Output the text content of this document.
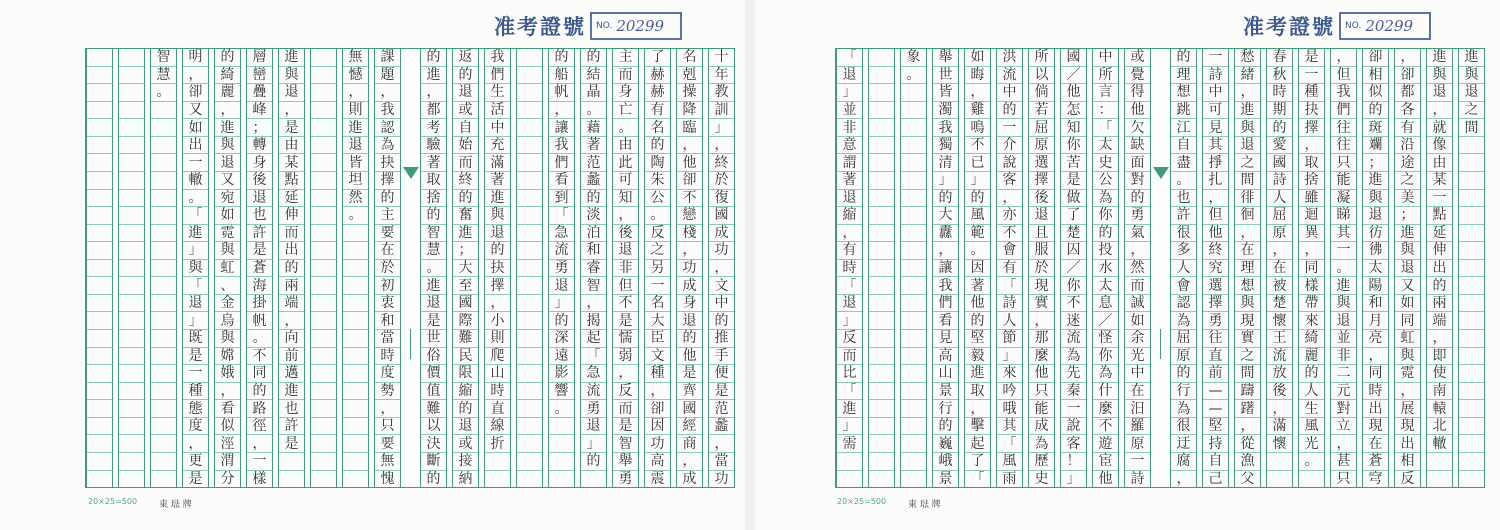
准考證號 NO. 20299
十
年
教
訓
」
，
終
於
復
國
成
功
，
文
中
的
推
手
便
是
范
蠡
，
當
功
名
剋
操
降
臨
，
他
卻
不
戀
棧
，
功
成
身
退
的
他
是
齊
國
經
商
，
成
了
赫
赫
有
名
的
陶
朱
公
。
反
之
另
一
名
大
臣
文
種
，
卻
因
功
高
震
主
而
身
亡
。
由
此
可
知
，
後
退
非
但
不
是
懦
弱
，
反
而
是
智
舉
勇
的
結
晶
。
藉
著
范
蠡
的
淡
泊
和
睿
智
，
揭
起
「
急
流
勇
退
」
的
的
船
帆
，
讓
我
們
看
到
「
急
流
勇
退
」
的
深
遠
影
響
。
我
們
生
活
中
充
滿
著
進
與
退
的
抉
擇
，
小
則
爬
山
時
直
線
折
返
的
退
或
自
始
而
終
的
奮
進
；
大
至
國
際
難
民
限
縮
的
退
或
接
納
的
進
，
都
考
驗
著
取
捨
的
智
慧
。
進
退
是
世
俗
價
值
難
以
決
斷
的
課
題
，
我
認
為
抉
擇
的
主
要
在
於
初
衷
和
當
時
度
勢
，
只
要
無
愧
無
憾
，
則
進
退
皆
坦
然
。
進
與
退
，
是
由
某
點
延
伸
而
出
的
兩
端
，
向
前
邁
進
也
許
是
層
巒
疊
峰
；
轉
身
後
退
也
許
是
蒼
海
掛
帆
。
不
同
的
路
徑
，
一
樣
的
綺
麗
，
進
與
退
又
宛
如
霓
與
虹
、
金
烏
與
嫦
娥
，
看
似
涇
渭
分
明
，
卻
又
如
出
一
轍
。
「
進
」
與
「
退
」
既
是
一
種
態
度
，
更
是
智
慧
。
20×25=500 東 琺 牌
准考證號 NO. 20299
進
與
退
之
間
進
與
退
，
就
像
由
某
一
點
延
伸
出
的
兩
端
，
即
使
南
轅
北
轍
，
卻
都
各
有
沿
途
之
美
；
進
與
退
又
如
同
虹
與
霓
，
展
現
出
相
反
卻
相
似
的
斑
斕
；
進
與
退
彷
彿
太
陽
和
月
亮
，
同
時
出
現
在
蒼
穹
，
但
我
們
往
往
只
能
凝
睇
其
一
。
進
與
退
並
非
二
元
對
立
，
甚
只
是
一
種
抉
擇
，
取
捨
雖
迴
異
，
同
樣
帶
來
綺
麗
的
人
生
風
光
。
春
秋
時
期
的
愛
國
詩
人
屈
原
，
在
被
楚
懷
王
流
放
後
，
滿
懷
愁
緒
，
進
與
退
之
間
徘
徊
，
在
理
想
與
現
實
之
間
躊
躇
，
從
漁
父
一
詩
中
可
見
其
掙
扎
，
但
他
終
究
選
擇
勇
往
直
前
—
—
堅
持
自
己
的
理
想
跳
江
自
盡
。
也
許
很
多
人
會
認
為
屈
原
的
行
為
很
迂
腐
，
或
覺
得
他
欠
缺
面
對
的
勇
氣
，
然
而
誠
如
余
光
中
在
汨
羅
原
一
詩
中
所
言
：
「
太
史
公
為
你
的
投
水
太
息
／
怪
你
為
什
麼
不
遊
宦
他
國
／
他
怎
知
你
苦
是
做
了
楚
囚
／
你
不
迷
流
為
先
秦
一
說
客
！
」
所
以
倘
若
屈
原
選
擇
後
退
且
服
於
現
實
，
那
麼
他
只
能
成
為
歷
史
洪
流
中
的
一
介
說
客
，
亦
不
會
有
「
詩
人
節
」
來
吟
哦
其
「
風
雨
如
晦
，
雞
鳴
不
已
」
的
風
範
。
因
著
他
的
堅
毅
進
取
，
擊
起
了
「
舉
世
皆
濁
我
獨
清
」
的
大
纛
，
讓
我
們
看
見
高
山
景
行
的
巍
峨
景
象
。
「
退
」
並
非
意
謂
著
退
縮
，
有
時
「
退
」
反
而
比
「
進
」
需
20×25=500 東 琺 牌
